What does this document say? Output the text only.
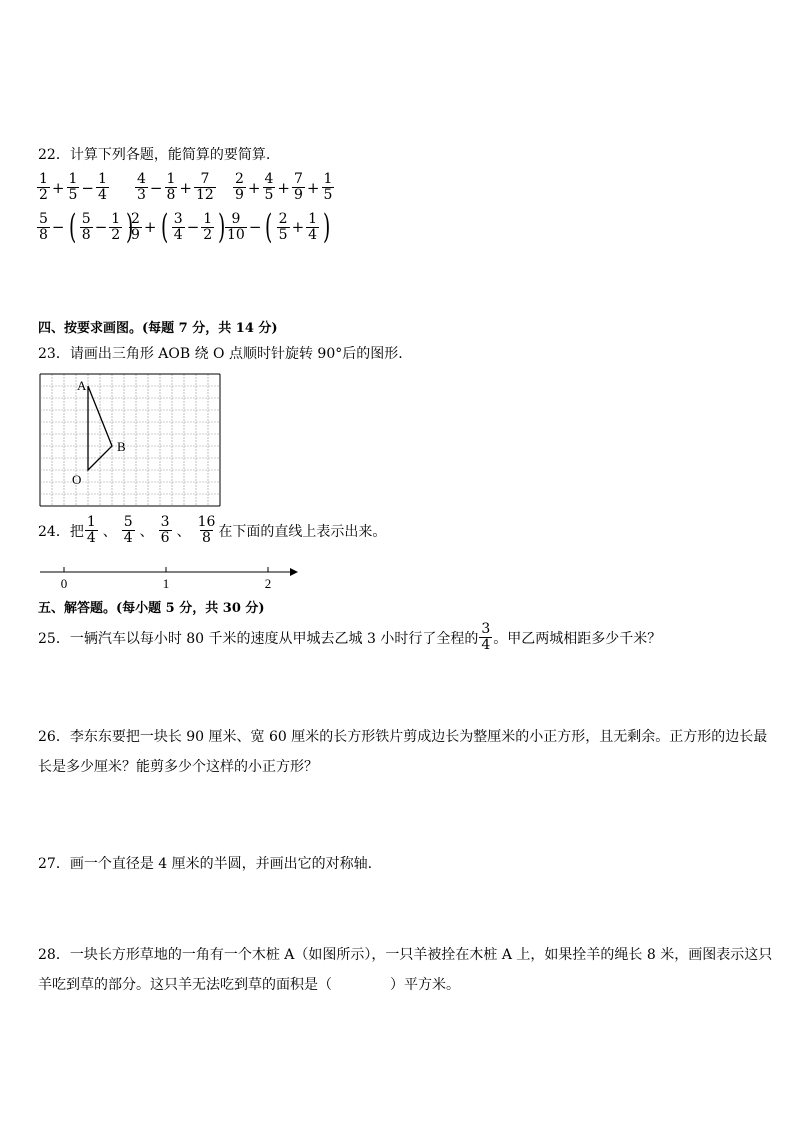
22．计算下列各题，能简算的要简算.
$\frac{1}{2} + \frac{1}{5} - \frac{1}{4} \frac{4}{3} - \frac{1}{8} + \frac{7}{12} \frac{2}{9} + \frac{4}{5} + \frac{7}{9} + \frac{1}{5}$
$\frac{5}{8}$ − ( $\frac{5}{8} - \frac{1}{2}$ )
$\frac{2}{9}$ + ( $\frac{3}{4} - \frac{1}{2}$ ) $\frac{9}{10}$ − ( $\frac{2}{5} + \frac{1}{4}$ )
四、按要求画图。(每题 7 分，共 14 分)
23．请画出三角形 AOB 绕 O 点顺时针旋转 90°后的图形.
A
B
O
24．把 $\frac{1}{4}$ 、 $\frac{5}{4}$ 、 $\frac{3}{6}$ 、 $\frac{16}{8}$ 在下面的直线上表示出来。
0	1	2
五、解答题。(每小题 5 分，共 30 分)
25．一辆汽车以每小时 80 千米的速度从甲城去乙城 3 小时行了全程的 $\frac{3}{4}$ 。甲乙两城相距多少千米？
26．李东东要把一块长 90 厘米、宽 60 厘米的长方形铁片剪成边长为整厘米的小正方形，且无剩余。正方形的边长最
长是多少厘米？能剪多少个这样的小正方形？
27．画一个直径是 4 厘米的半圆，并画出它的对称轴.
28．一块长方形草地的一角有一个木桩 A（如图所示），一只羊被拴在木桩 A 上，如果拴羊的绳长 8 米，画图表示这只
羊吃到草的部分。这只羊无法吃到草的面积是（	）平方米。
